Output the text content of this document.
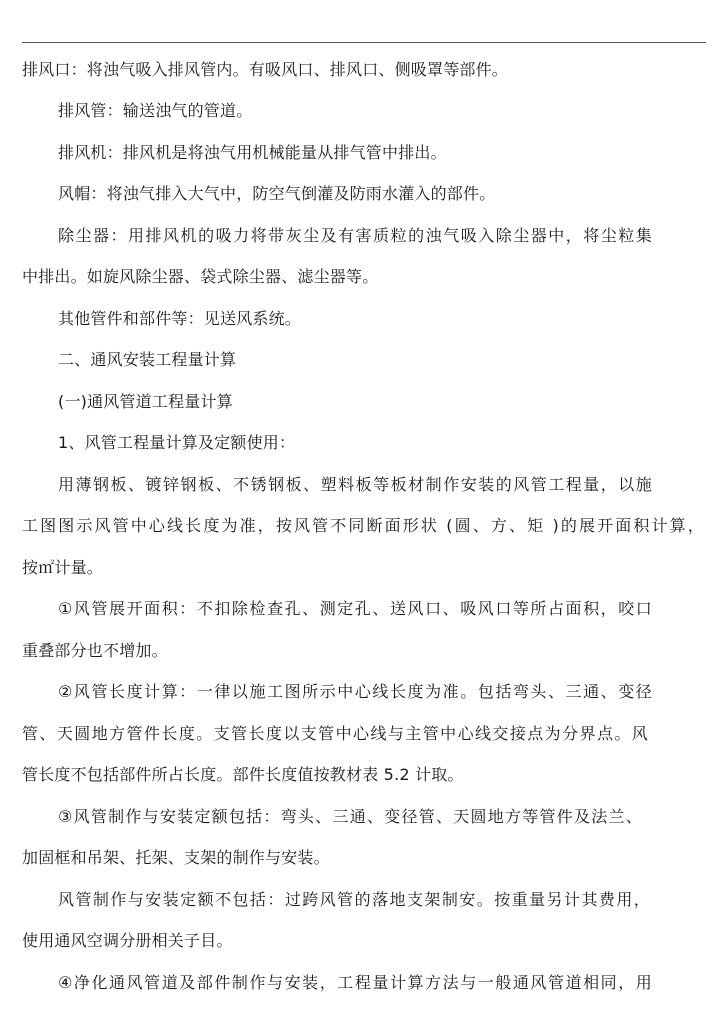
排风口：将浊气吸入排风管内。有吸风口、排风口、侧吸罩等部件。
排风管：输送浊气的管道。
排风机：排风机是将浊气用机械能量从排气管中排出。
风帽：将浊气排入大气中，防空气倒灌及防雨水灌入的部件。
除尘器：用排风机的吸力将带灰尘及有害质粒的浊气吸入除尘器中，将尘粒集
中排出。如旋风除尘器、袋式除尘器、滤尘器等。
其他管件和部件等：见送风系统。
二、通风安装工程量计算
(一)通风管道工程量计算
1、风管工程量计算及定额使用：
用薄钢板、镀锌钢板、不锈钢板、塑料板等板材制作安装的风管工程量，以施
工图图示风管中心线长度为准，按风管不同断面形状 (圆、方、矩 )的展开面积计算，
按㎡计量。
①风管展开面积：不扣除检查孔、测定孔、送风口、吸风口等所占面积，咬口
重叠部分也不增加。
②风管长度计算：一律以施工图所示中心线长度为准。包括弯头、三通、变径
管、天圆地方管件长度。支管长度以支管中心线与主管中心线交接点为分界点。风
管长度不包括部件所占长度。部件长度值按教材表 5.2 计取。
③风管制作与安装定额包括：弯头、三通、变径管、天圆地方等管件及法兰、
加固框和吊架、托架、支架的制作与安装。
风管制作与安装定额不包括：过跨风管的落地支架制安。按重量另计其费用，
使用通风空调分册相关子目。
④净化通风管道及部件制作与安装，工程量计算方法与一般通风管道相同，用
